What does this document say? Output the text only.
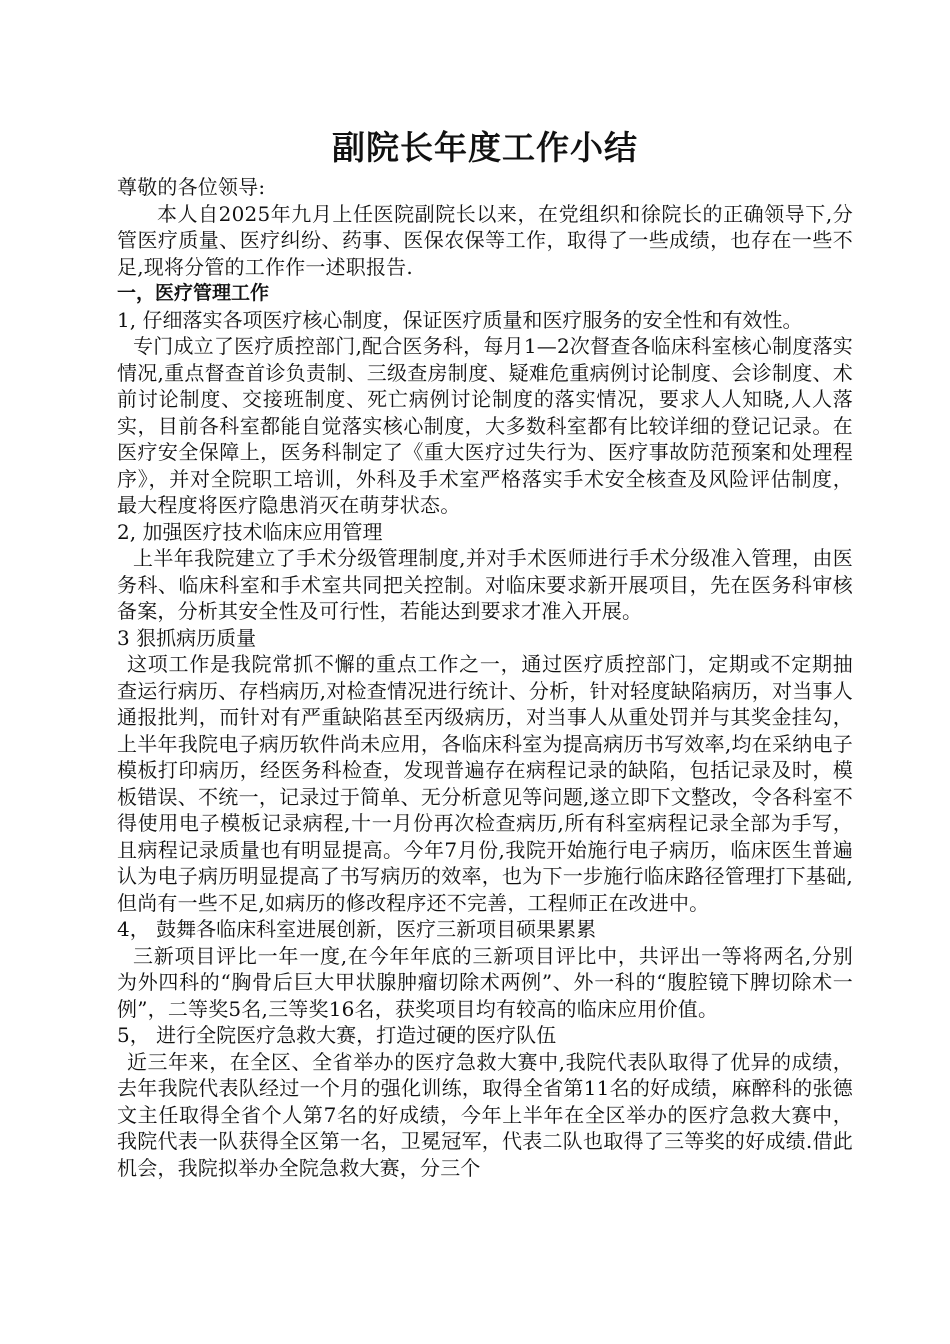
副院长年度工作小结

尊敬的各位领导:

本人自2025年九月上任医院副院长以来，在党组织和徐院长的正确领导下,分管医疗质量、医疗纠纷、药事、医保农保等工作，取得了一些成绩，也存在一些不足,现将分管的工作作一述职报告.

一，医疗管理工作

1, 仔细落实各项医疗核心制度，保证医疗质量和医疗服务的安全性和有效性。

专门成立了医疗质控部门,配合医务科，每月1—2次督查各临床科室核心制度落实情况,重点督查首诊负责制、三级查房制度、疑难危重病例讨论制度、会诊制度、术前讨论制度、交接班制度、死亡病例讨论制度的落实情况，要求人人知晓,人人落实，目前各科室都能自觉落实核心制度，大多数科室都有比较详细的登记记录。在医疗安全保障上，医务科制定了《重大医疗过失行为、医疗事故防范预案和处理程序》，并对全院职工培训，外科及手术室严格落实手术安全核查及风险评估制度，最大程度将医疗隐患消灭在萌芽状态。

2, 加强医疗技术临床应用管理

上半年我院建立了手术分级管理制度,并对手术医师进行手术分级准入管理，由医务科、临床科室和手术室共同把关控制。对临床要求新开展项目，先在医务科审核备案，分析其安全性及可行性，若能达到要求才准入开展。

3 狠抓病历质量

这项工作是我院常抓不懈的重点工作之一，通过医疗质控部门，定期或不定期抽查运行病历、存档病历,对检查情况进行统计、分析，针对轻度缺陷病历，对当事人通报批判，而针对有严重缺陷甚至丙级病历，对当事人从重处罚并与其奖金挂勾，上半年我院电子病历软件尚未应用，各临床科室为提高病历书写效率,均在采纳电子模板打印病历，经医务科检查，发现普遍存在病程记录的缺陷，包括记录及时，模板错误、不统一，记录过于简单、无分析意见等问题,遂立即下文整改，令各科室不得使用电子模板记录病程,十一月份再次检查病历,所有科室病程记录全部为手写，且病程记录质量也有明显提高。今年7月份,我院开始施行电子病历，临床医生普遍认为电子病历明显提高了书写病历的效率，也为下一步施行临床路径管理打下基础,但尚有一些不足,如病历的修改程序还不完善，工程师正在改进中。

4， 鼓舞各临床科室进展创新，医疗三新项目硕果累累

三新项目评比一年一度,在今年年底的三新项目评比中，共评出一等将两名,分别为外四科的“胸骨后巨大甲状腺肿瘤切除术两例”、外一科的“腹腔镜下脾切除术一例”，二等奖5名,三等奖16名，获奖项目均有较高的临床应用价值。

5， 进行全院医疗急救大赛，打造过硬的医疗队伍

近三年来，在全区、全省举办的医疗急救大赛中,我院代表队取得了优异的成绩，去年我院代表队经过一个月的强化训练，取得全省第11名的好成绩，麻醉科的张德文主任取得全省个人第7名的好成绩，今年上半年在全区举办的医疗急救大赛中，我院代表一队获得全区第一名，卫冕冠军，代表二队也取得了三等奖的好成绩.借此机会，我院拟举办全院急救大赛，分三个
